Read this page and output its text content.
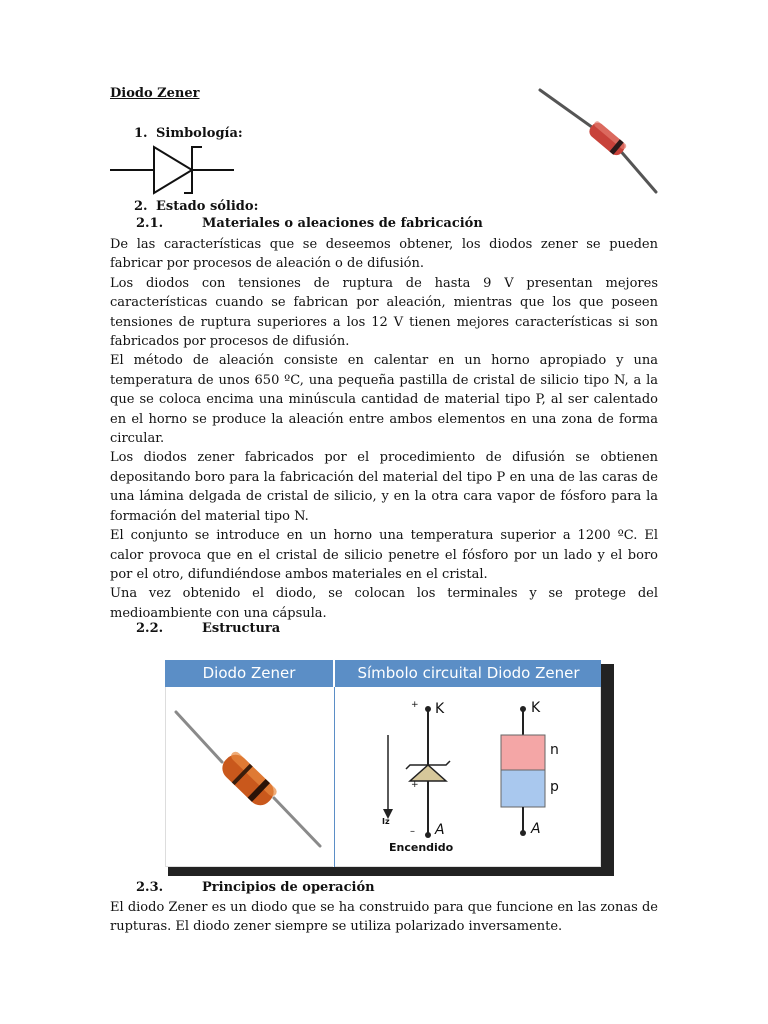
Diodo Zener
1. Simbología:
2. Estado sólido:
2.1.	Materiales o aleaciones de fabricación

De las características que se deseemos obtener, los diodos zener se pueden fabricar por procesos de aleación o de difusión.

Los diodos con tensiones de ruptura de hasta 9 V presentan mejores características cuando se fabrican por aleación, mientras que los que poseen tensiones de ruptura superiores a los 12 V tienen mejores características si son fabricados por procesos de difusión.

El método de aleación consiste en calentar en un horno apropiado y una temperatura de unos 650 ºC, una pequeña pastilla de cristal de silicio tipo N, a la que se coloca encima una minúscula cantidad de material tipo P, al ser calentado en el horno se produce la aleación entre ambos elementos en una zona de forma circular.

Los diodos zener fabricados por el procedimiento de difusión se obtienen depositando boro para la fabricación del material del tipo P en una de las caras de una lámina delgada de cristal de silicio, y en la otra cara vapor de fósforo para la formación del material tipo N.

El conjunto se introduce en un horno una temperatura superior a 1200 ºC. El calor provoca que en el cristal de silicio penetre el fósforo por un lado y el boro por el otro, difundiéndose ambos materiales en el cristal.

Una vez obtenido el diodo, se colocan los terminales y se protege del medioambiente con una cápsula.

2.2.	Estructura
Diodo Zener	Símbolo circuital Diodo Zener
+ K
+
Iz
– A
Encendido
K
n
p
A
2.3.	Principios de operación

El diodo Zener es un diodo que se ha construido para que funcione en las zonas de rupturas. El diodo zener siempre se utiliza polarizado inversamente.
